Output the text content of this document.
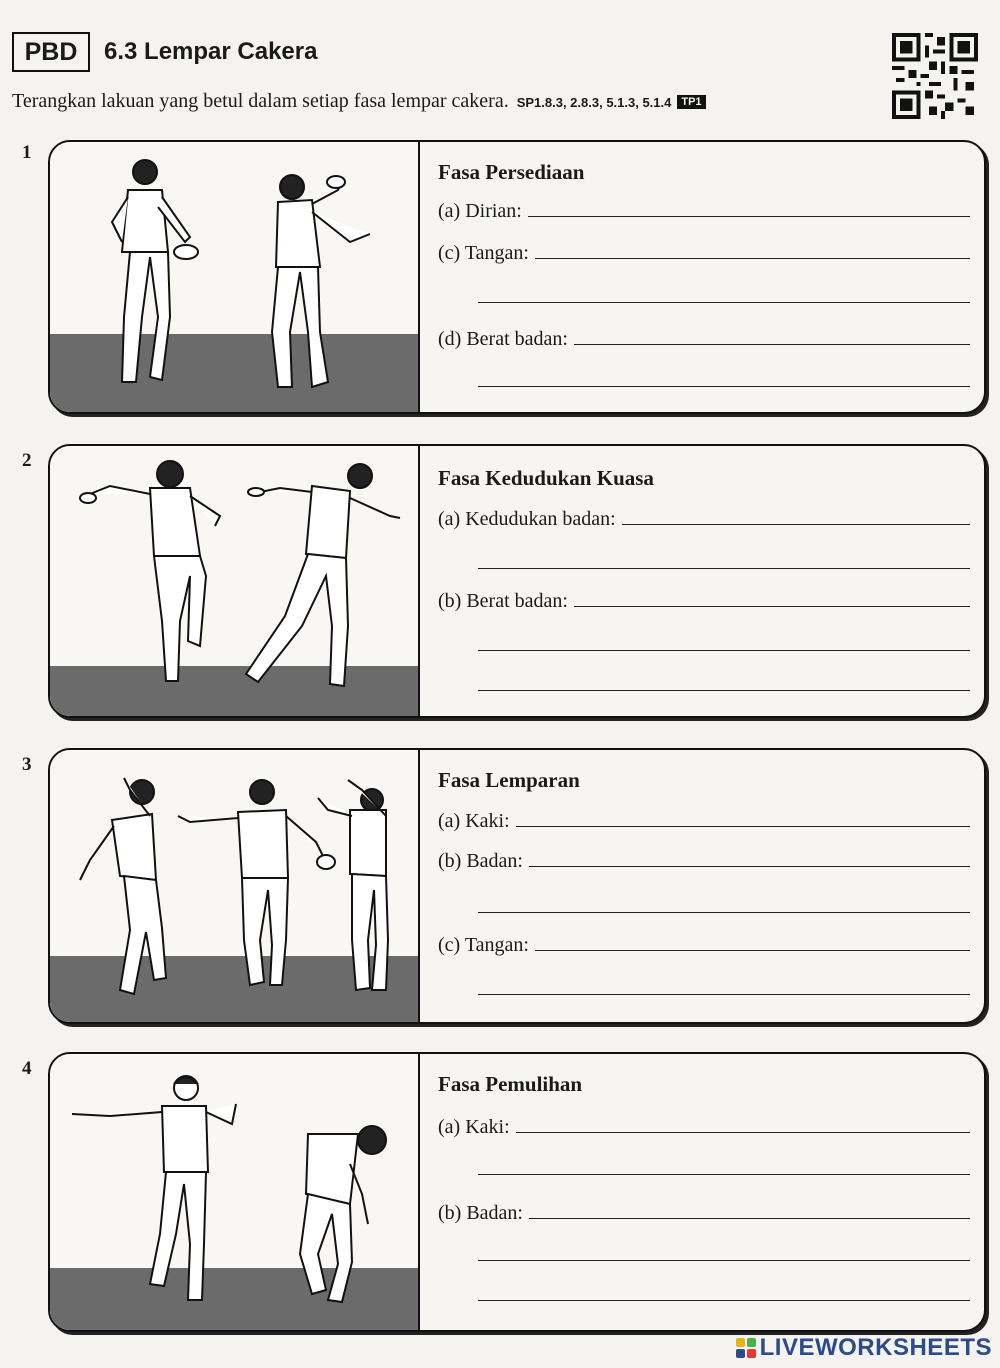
PBD	6.3 Lempar Cakera
Terangkan lakuan yang betul dalam setiap fasa lempar cakera. SP1.8.3, 2.8.3, 5.1.3, 5.1.4 TP1
1
Fasa Persediaan
(a) Dirian:
(c) Tangan:
(d) Berat badan:
2
Fasa Kedudukan Kuasa
(a) Kedudukan badan:
(b) Berat badan:
3
Fasa Lemparan
(a) Kaki:
(b) Badan:
(c) Tangan:
4
Fasa Pemulihan
(a) Kaki:
(b) Badan:
LIVEWORKSHEETS
